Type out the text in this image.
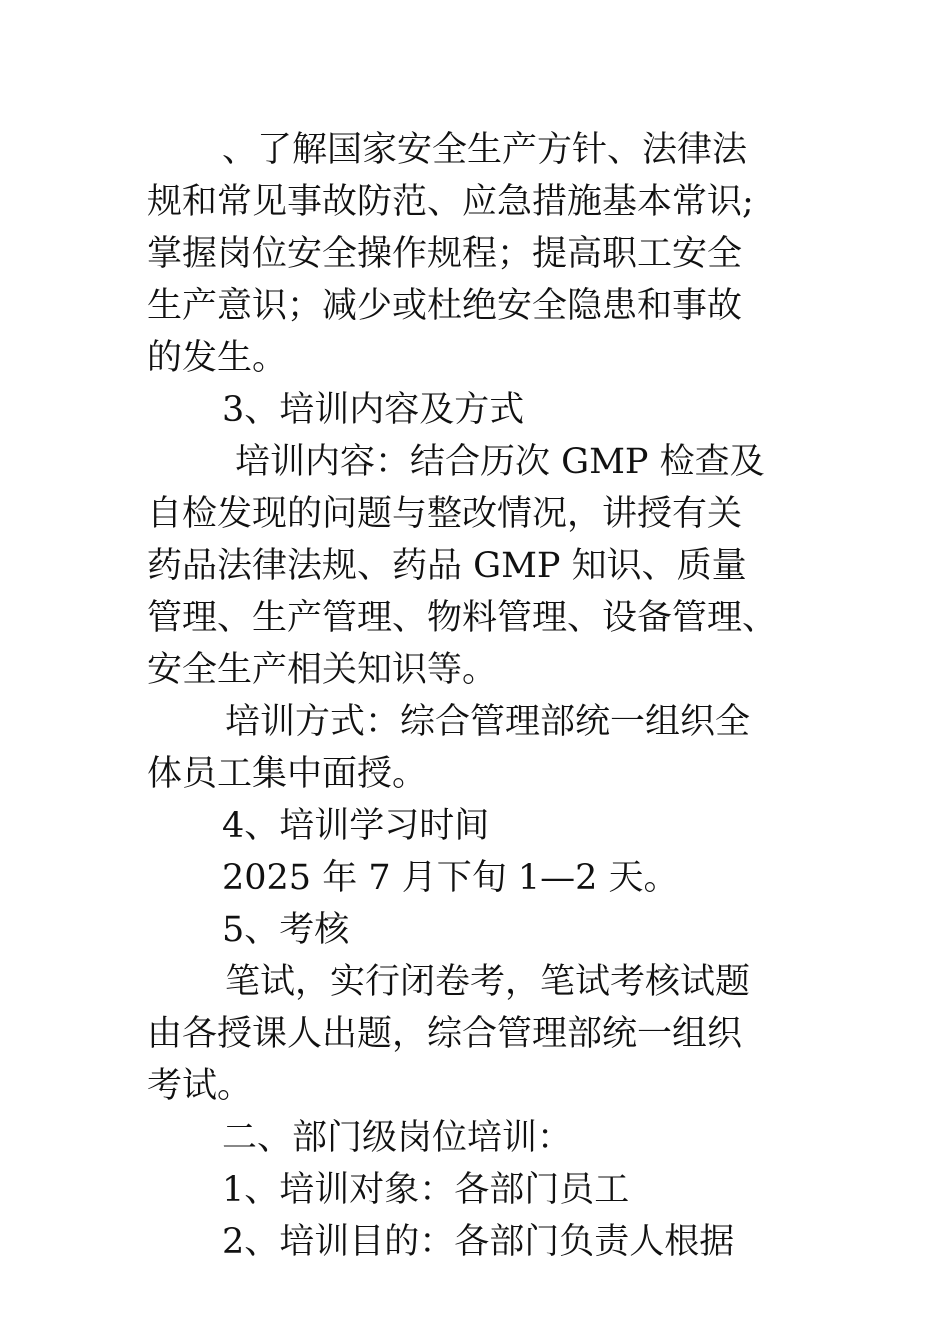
、了解国家安全生产方针、法律法
规和常见事故防范、应急措施基本常识;
掌握岗位安全操作规程；提高职工安全
生产意识；减少或杜绝安全隐患和事故
的发生。
3、培训内容及方式
培训内容：结合历次 GMP 检查及
自检发现的问题与整改情况，讲授有关
药品法律法规、药品 GMP 知识、质量
管理、生产管理、物料管理、设备管理、
安全生产相关知识等。
培训方式：综合管理部统一组织全
体员工集中面授。
4、培训学习时间
2025 年 7 月下旬 1—2 天。
5、考核
笔试，实行闭卷考，笔试考核试题
由各授课人出题，综合管理部统一组织
考试。
二、部门级岗位培训：
1、培训对象：各部门员工
2、培训目的：各部门负责人根据
